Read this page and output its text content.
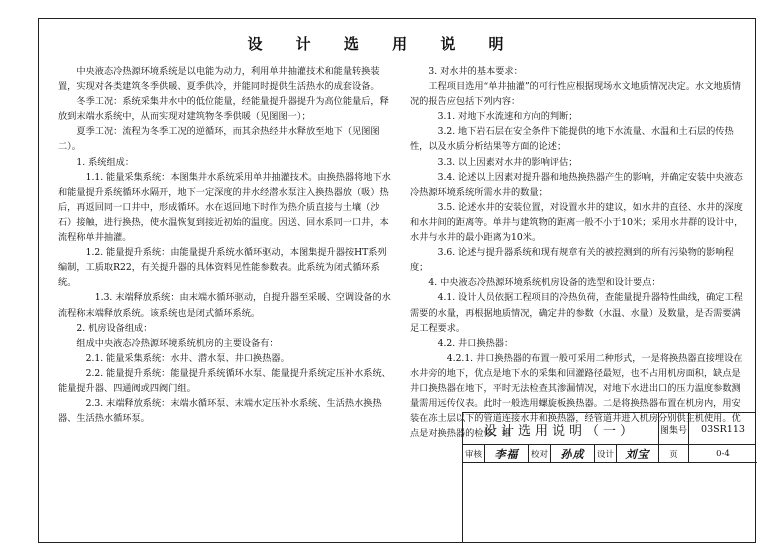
设 计 选 用 说 明

中央液态冷热源环境系统是以电能为动力，利用单井抽灌技术和能量转换装置，实现对各类建筑冬季供暖、夏季供冷，并能同时提供生活热水的成套设备。

冬季工况：系统采集井水中的低位能量，经能量提升器提升为高位能量后，释放到末端水系统中，从而实现对建筑物冬季供暖（见图图一）；

夏季工况：流程为冬季工况的逆循环，而其余热经井水释放至地下（见图图二）。

1. 系统组成：

1.1. 能量采集系统：本图集井水系统采用单井抽灌技术。由换热器将地下水和能量提升系统循环水隔开，地下一定深度的井水经潜水泵注入换热器放（吸）热后，再返回同一口井中，形成循环。水在返回地下时作为热介质直接与土壤（沙石）接触，进行换热，使水温恢复到接近初始的温度。因送、回水系同一口井，本流程称单井抽灌。

1.2. 能量提升系统：由能量提升系统水循环驱动，本图集提升器按HT系列编制，工质取R22，有关提升器的具体资料见性能参数表。此系统为闭式循环系统。

1.3. 末端释放系统：由末端水循环驱动，自提升器至采暖、空调设备的水流程称末端释放系统。该系统也是闭式循环系统。

2. 机房设备组成：

组成中央液态冷热源环境系统机房的主要设备有：

2.1. 能量采集系统：水井、潜水泵、井口换热器。

2.2. 能量提升系统：能量提升系统循环水泵、能量提升系统定压补水系统、能量提升器、四通阀或四阀门组。

2.3. 末端释放系统：末端水循环泵、末端水定压补水系统、生活热水换热器、生活热水循环泵。

3. 对水井的基本要求：

工程项目选用“单井抽灌”的可行性应根据现场水文地质情况决定。水文地质情况的报告应包括下列内容：

3.1. 对地下水流速和方向的判断；

3.2. 地下岩石层在安全条件下能提供的地下水流量、水温和土石层的传热性，以及水质分析结果等方面的论述；

3.3. 以上因素对水井的影响评估；

3.4. 论述以上因素对提升器和地热换热器产生的影响，并确定安装中央液态冷热源环境系统所需水井的数量；

3.5. 论述水井的安装位置，对设置水井的建议，如水井的直径、水井的深度和水井间的距离等。单井与建筑物的距离一般不小于10米；采用水井群的设计中，水井与水井的最小距离为10米。

3.6. 论述与提升器系统和现有规章有关的被控测到的所有污染物的影响程度；

4. 中央液态冷热源环境系统机房设备的选型和设计要点：

4.1. 设计人员依据工程项目的冷热负荷，查能量提升器特性曲线，确定工程需要的水量，再根据地质情况，确定井的参数（水温、水量）及数量，是否需要满足工程要求。

4.2. 井口换热器：

4.2.1. 井口换热器的布置一般可采用二种形式，一是将换热器直接埋设在水井旁的地下，优点是地下水的采集和回灌路径最短，也不占用机房面积，缺点是井口换热器在地下，平时无法检查其渗漏情况，对地下水进出口的压力温度参数测量需用远传仪表。此时一般选用螺旋板换热器。二是将换热器布置在机房内，用安装在冻土层以下的管道连接水井和换热器，经管道井进入机房分别供主机使用。优点是对换热器的检修、维

设计选用说明（一）	图集号	03SR113
审核	李福	校对	孙成	设计	刘宝	页	0-4
